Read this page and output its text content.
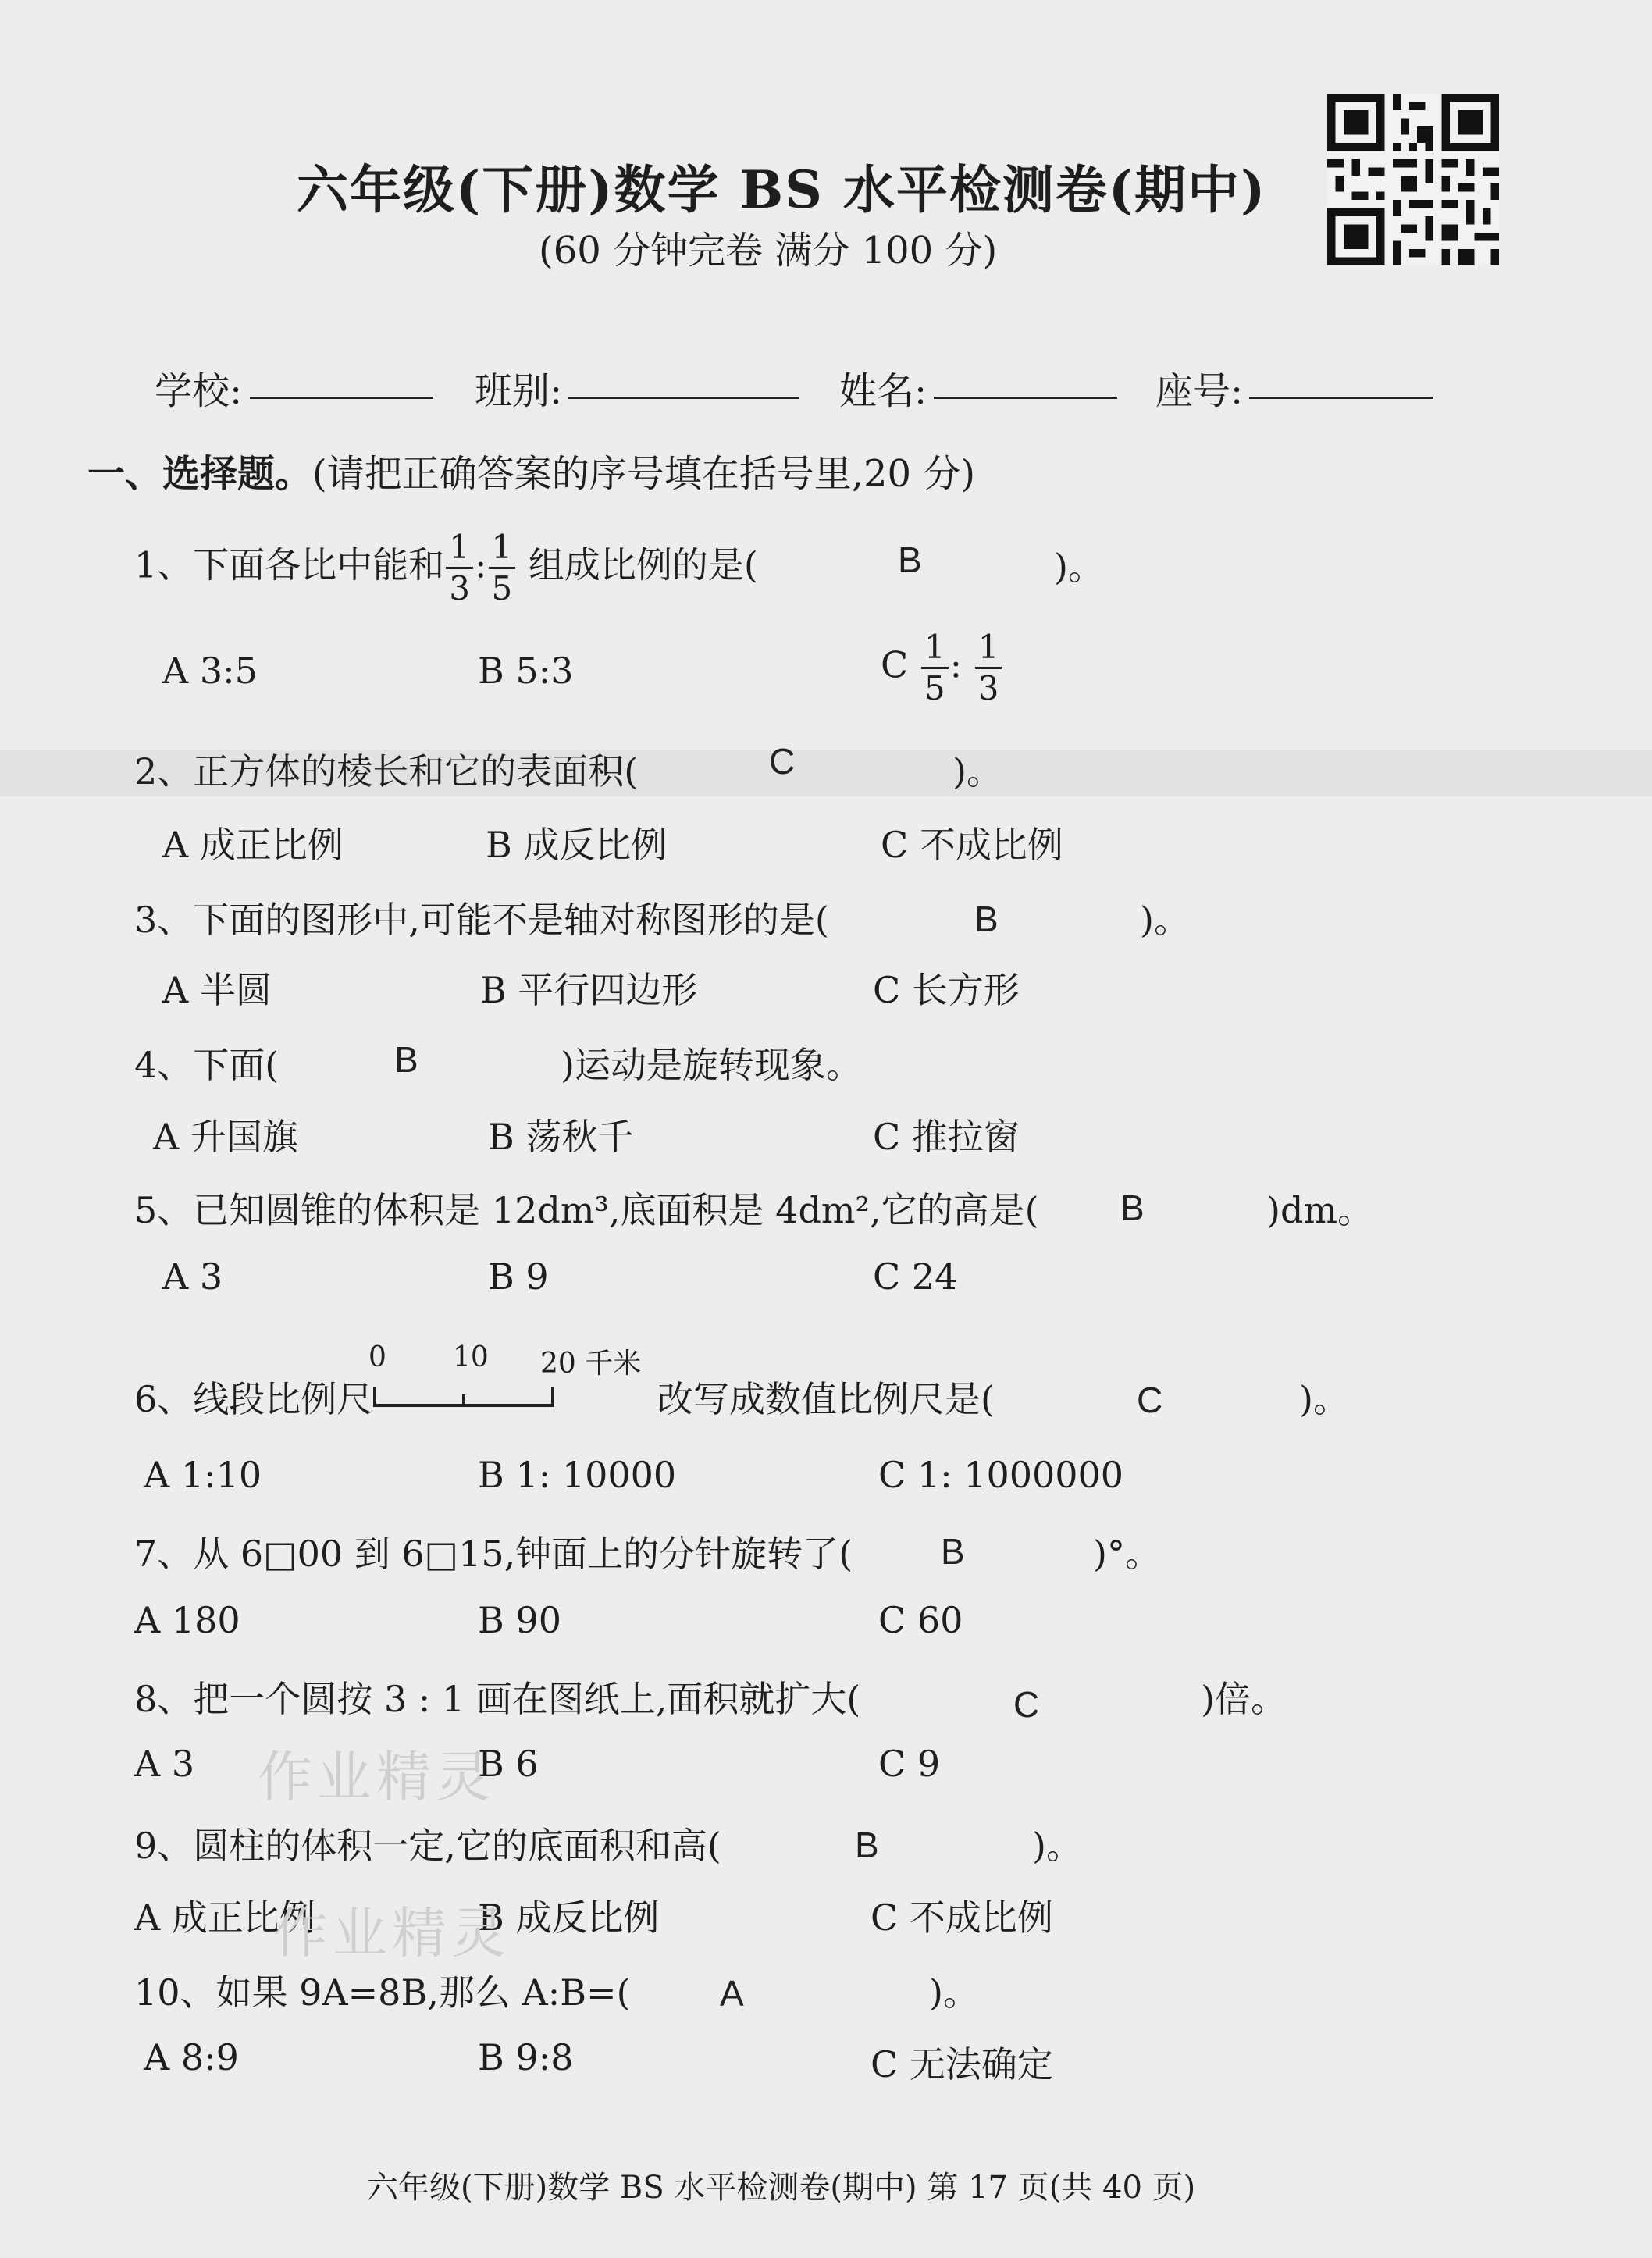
六年级(下册)数学 BS 水平检测卷(期中)
(60 分钟完卷 满分 100 分)
学校:	班别:	姓名:	座号:
一、选择题。(请把正确答案的序号填在括号里,20 分)
1、下面各比中能和 $\frac{1}{3}$ : $\frac{1}{5}$ 组成比例的是(	B	)。
A 3:5	B 5:3	C $\frac{1}{5}$ : $\frac{1}{3}$
2、正方体的棱长和它的表面积(	C	)。
A 成正比例	B 成反比例	C 不成比例
3、下面的图形中,可能不是轴对称图形的是(	B	)。
A 半圆	B 平行四边形	C 长方形
4、下面(	B	)运动是旋转现象。
A 升国旗	B 荡秋千	C 推拉窗
5、已知圆锥的体积是 12dm³,底面积是 4dm²,它的高是( B	)dm。
A 3	B 9	C 24
6、线段比例尺
0 10 20 千米
改写成数值比例尺是(	C	)。
A 1:10	B 1: 10000	C 1: 1000000
7、从 6□00 到 6□15,钟面上的分针旋转了( B	)°。
A 180	B 90	C 60
8、把一个圆按 3 : 1 画在图纸上,面积就扩大(	C	)倍。
A 3	B 6	C 9
9、圆柱的体积一定,它的底面积和高(	B	)。
A 成正比例	B 成反比例	C 不成比例
10、如果 9A=8B,那么 A:B=( A	)。
A 8:9	B 9:8	C 无法确定
作业精灵
作业精灵
六年级(下册)数学 BS 水平检测卷(期中) 第 17 页(共 40 页)
